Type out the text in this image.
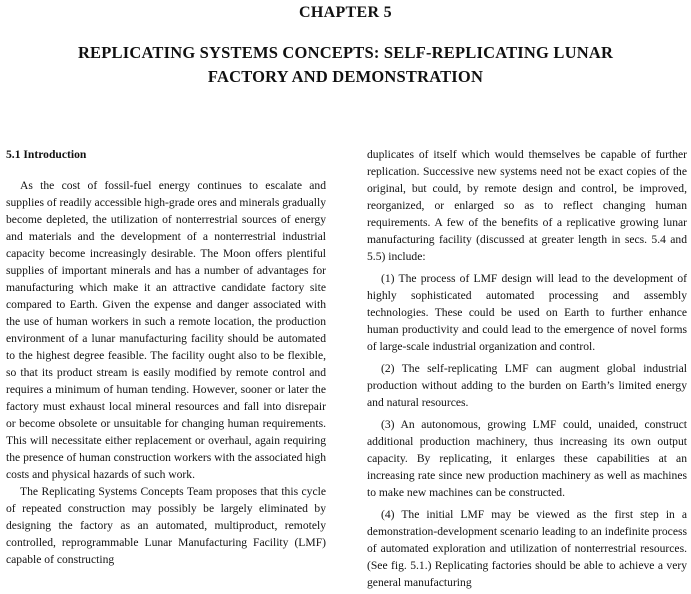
CHAPTER 5
REPLICATING SYSTEMS CONCEPTS: SELF-REPLICATING LUNAR
FACTORY AND DEMONSTRATION
5.1 Introduction

As the cost of fossil-fuel energy continues to escalate and supplies of readily accessible high-grade ores and minerals gradually become depleted, the utilization of nonterrestrial sources of energy and materials and the development of a nonterrestrial industrial capacity become increasingly desirable. The Moon offers plentiful supplies of important minerals and has a number of advantages for manufacturing which make it an attractive candidate factory site compared to Earth. Given the expense and danger associated with the use of human workers in such a remote location, the production environment of a lunar manufacturing facility should be automated to the highest degree feasible. The facility ought also to be flexible, so that its product stream is easily modified by remote control and requires a minimum of human tending. However, sooner or later the factory must exhaust local mineral resources and fall into disrepair or become obsolete or unsuitable for changing human requirements. This will necessitate either replacement or overhaul, again requiring the presence of human construction workers with the associated high costs and physical hazards of such work.

The Replicating Systems Concepts Team proposes that this cycle of repeated construction may possibly be largely eliminated by designing the factory as an automated, multiproduct, remotely controlled, reprogrammable Lunar Manufacturing Facility (LMF) capable of constructing

duplicates of itself which would themselves be capable of further replication. Successive new systems need not be exact copies of the original, but could, by remote design and control, be improved, reorganized, or enlarged so as to reflect changing human requirements. A few of the benefits of a replicative growing lunar manufacturing facility (discussed at greater length in secs. 5.4 and 5.5) include:

(1) The process of LMF design will lead to the development of highly sophisticated automated processing and assembly technologies. These could be used on Earth to further enhance human productivity and could lead to the emergence of novel forms of large-scale industrial organization and control.

(2) The self-replicating LMF can augment global industrial production without adding to the burden on Earth’s limited energy and natural resources.

(3) An autonomous, growing LMF could, unaided, construct additional production machinery, thus increasing its own output capacity. By replicating, it enlarges these capabilities at an increasing rate since new production machinery as well as machines to make new machines can be constructed.

(4) The initial LMF may be viewed as the first step in a demonstration-development scenario leading to an indefinite process of automated exploration and utilization of nonterrestrial resources. (See fig. 5.1.) Replicating factories should be able to achieve a very general manufacturing
